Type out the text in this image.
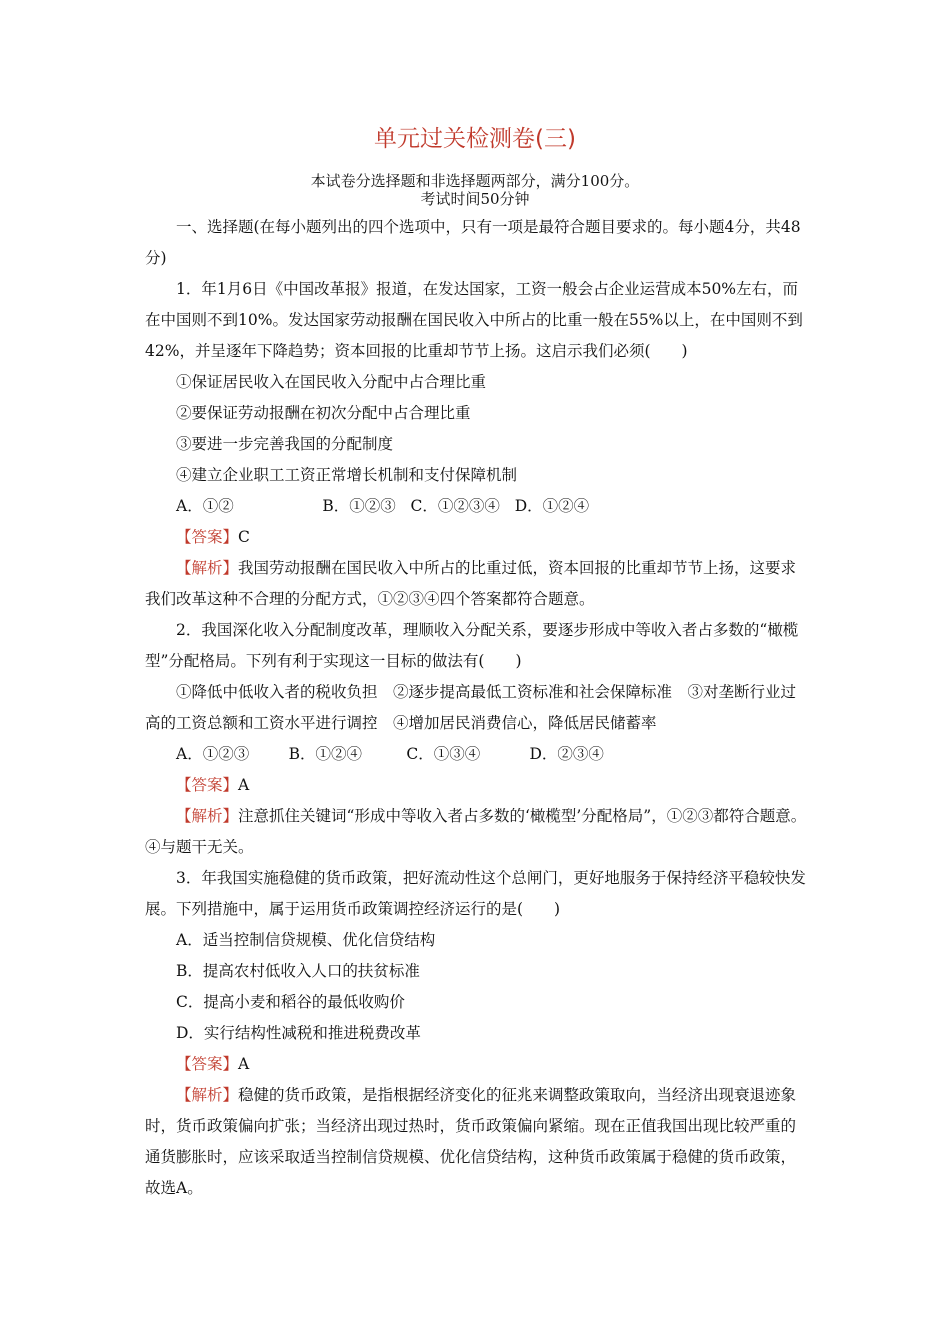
单元过关检测卷(三)
本试卷分选择题和非选择题两部分，满分100分。
考试时间50分钟

一、选择题(在每小题列出的四个选项中，只有一项是最符合题目要求的。每小题4分，共48分)

1．年1月6日《中国改革报》报道，在发达国家，工资一般会占企业运营成本50%左右，而在中国则不到10%。发达国家劳动报酬在国民收入中所占的比重一般在55%以上，在中国则不到42%，并呈逐年下降趋势；资本回报的比重却节节上扬。这启示我们必须(　　)

①保证居民收入在国民收入分配中占合理比重

②要保证劳动报酬在初次分配中占合理比重

③要进一步完善我国的分配制度

④建立企业职工工资正常增长机制和支付保障机制

A．①②                  B．①②③   C．①②③④   D．①②④

【答案】C

【解析】我国劳动报酬在国民收入中所占的比重过低，资本回报的比重却节节上扬，这要求我们改革这种不合理的分配方式，①②③④四个答案都符合题意。

2．我国深化收入分配制度改革，理顺收入分配关系，要逐步形成中等收入者占多数的“橄榄型”分配格局。下列有利于实现这一目标的做法有(　　)

①降低中低收入者的税收负担　②逐步提高最低工资标准和社会保障标准　③对垄断行业过高的工资总额和工资水平进行调控　④增加居民消费信心，降低居民储蓄率

A．①②③        B．①②④         C．①③④          D．②③④

【答案】A

【解析】注意抓住关键词“形成中等收入者占多数的‘橄榄型’分配格局”，①②③都符合题意。④与题干无关。

3．年我国实施稳健的货币政策，把好流动性这个总闸门，更好地服务于保持经济平稳较快发展。下列措施中，属于运用货币政策调控经济运行的是(　　)

A．适当控制信贷规模、优化信贷结构

B．提高农村低收入人口的扶贫标准

C．提高小麦和稻谷的最低收购价

D．实行结构性减税和推进税费改革

【答案】A

【解析】稳健的货币政策，是指根据经济变化的征兆来调整政策取向，当经济出现衰退迹象时，货币政策偏向扩张；当经济出现过热时，货币政策偏向紧缩。现在正值我国出现比较严重的通货膨胀时，应该采取适当控制信贷规模、优化信贷结构，这种货币政策属于稳健的货币政策，故选A。
